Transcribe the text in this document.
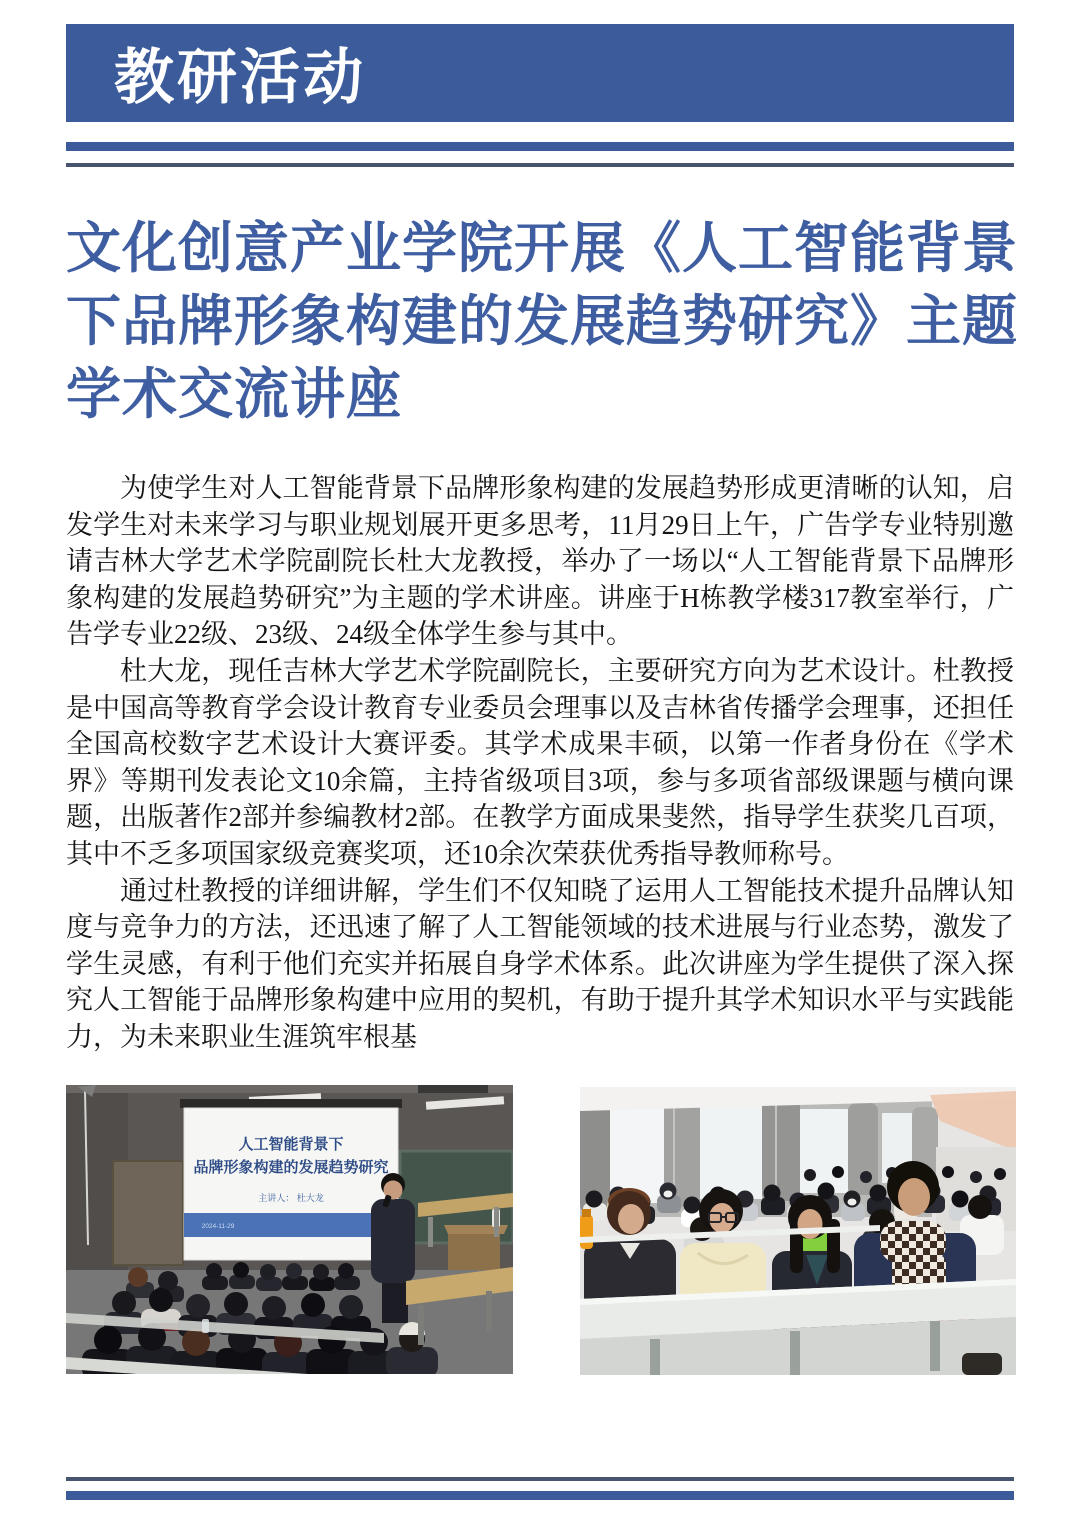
教研活动
文化创意产业学院开展《人工智能背景
下品牌形象构建的发展趋势研究》主题
学术交流讲座

为使学生对人工智能背景下品牌形象构建的发展趋势形成更清晰的认知，启发学生对未来学习与职业规划展开更多思考，11月29日上午，广告学专业特别邀请吉林大学艺术学院副院长杜大龙教授，举办了一场以“人工智能背景下品牌形象构建的发展趋势研究”为主题的学术讲座。讲座于H栋教学楼317教室举行，广告学专业22级、23级、24级全体学生参与其中。

杜大龙，现任吉林大学艺术学院副院长，主要研究方向为艺术设计。杜教授是中国高等教育学会设计教育专业委员会理事以及吉林省传播学会理事，还担任全国高校数字艺术设计大赛评委。其学术成果丰硕，以第一作者身份在《学术界》等期刊发表论文10余篇，主持省级项目3项，参与多项省部级课题与横向课题，出版著作2部并参编教材2部。在教学方面成果斐然，指导学生获奖几百项，其中不乏多项国家级竞赛奖项，还10余次荣获优秀指导教师称号。

通过杜教授的详细讲解，学生们不仅知晓了运用人工智能技术提升品牌认知度与竞争力的方法，还迅速了解了人工智能领域的技术进展与行业态势，激发了学生灵感，有利于他们充实并拓展自身学术体系。此次讲座为学生提供了深入探究人工智能于品牌形象构建中应用的契机，有助于提升其学术知识水平与实践能力，为未来职业生涯筑牢根基

人工智能背景下
品牌形象构建的发展趋势研究
主讲人： 杜大龙
2024-11-29
